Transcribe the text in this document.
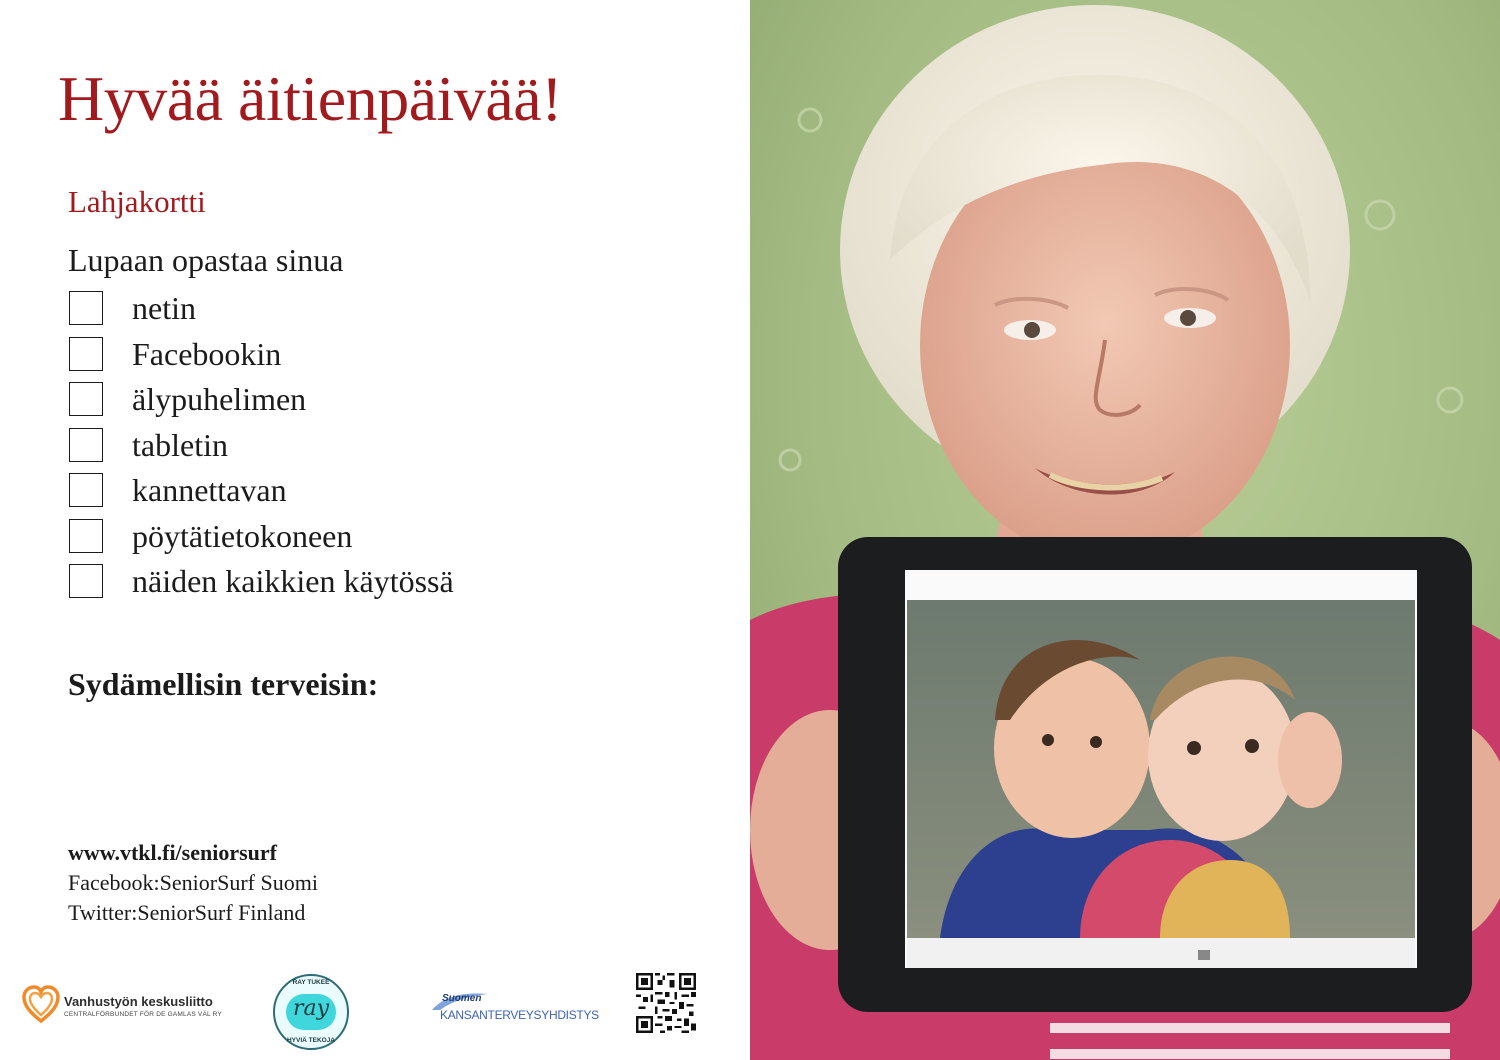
Hyvää äitienpäivää!
Lahjakortti
Lupaan opastaa sinua
netin
Facebookin
älypuhelimen
tabletin
kannettavan
pöytätietokoneen
näiden kaikkien käytössä
Sydämellisin terveisin:
www.vtkl.fi/seniorsurf
Facebook:SeniorSurf Suomi
Twitter:SeniorSurf Finland
Vanhustyön keskusliitto
CENTRALFÖRBUNDET FÖR DE GAMLAS VÄL RY
RAY TUKEE
ray
HYVIÄ TEKOJA
Suomen
KANSANTERVEYSYHDISTYS
